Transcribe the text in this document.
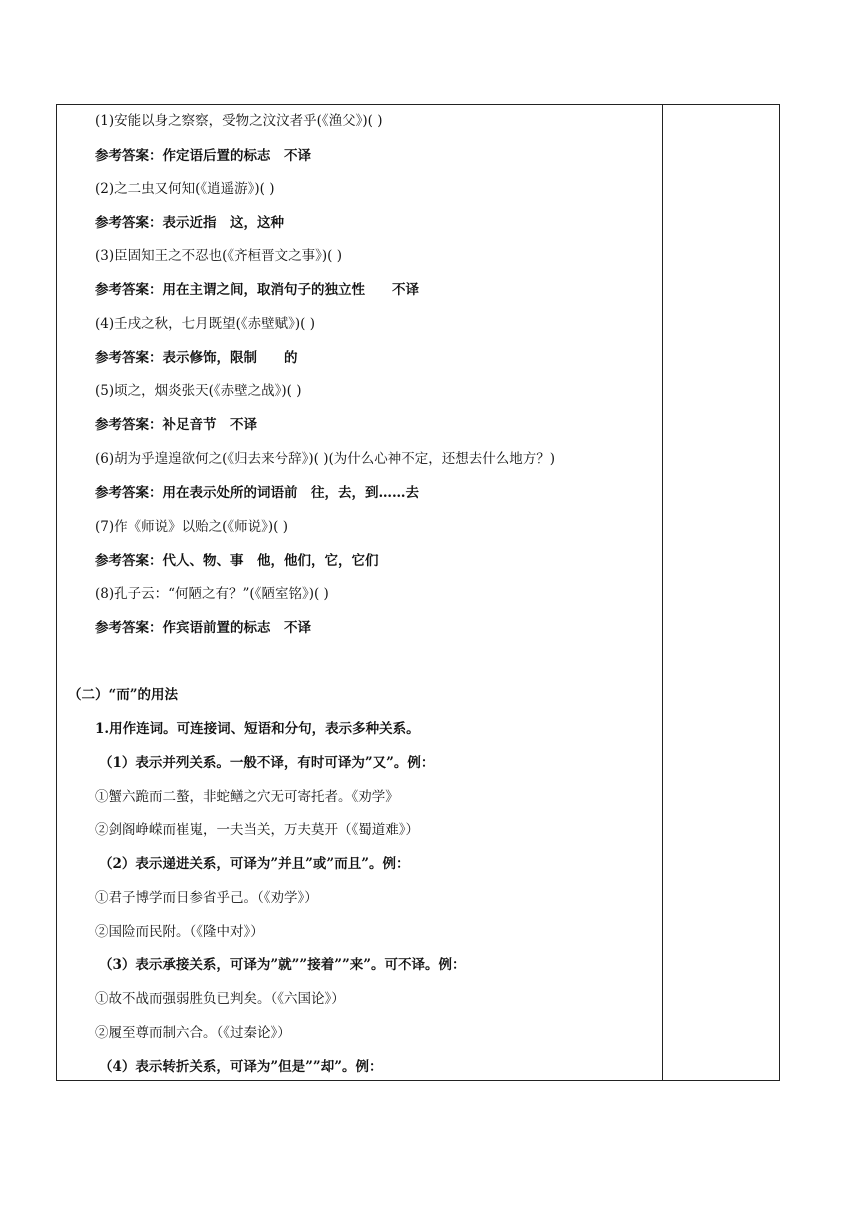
(1)安能以身之察察，受物之汶汶者乎(《渔父》)( )
参考答案：作定语后置的标志　不译
(2)之二虫又何知(《逍遥游》)( )
参考答案：表示近指　这，这种
(3)臣固知王之不忍也(《齐桓晋文之事》)( )
参考答案：用在主谓之间，取消句子的独立性　　不译
(4)壬戌之秋，七月既望(《赤壁赋》)( )
参考答案：表示修饰，限制　　的
(5)顷之，烟炎张天(《赤壁之战》)( )
参考答案：补足音节　不译
(6)胡为乎遑遑欲何之(《归去来兮辞》)( )(为什么心神不定，还想去什么地方？)
参考答案：用在表示处所的词语前　往，去，到……去
(7)作《师说》以贻之(《师说》)( )
参考答案：代人、物、事　他，他们，它，它们
(8)孔子云：“何陋之有？”(《陋室铭》)( )
参考答案：作宾语前置的标志　不译
（二）“而”的用法
1.用作连词。可连接词、短语和分句，表示多种关系。
（1）表示并列关系。一般不译，有时可译为”又”。例：
①蟹六跪而二螯，非蛇鳝之穴无可寄托者。《劝学》
②剑阁峥嵘而崔嵬，一夫当关，万夫莫开（《蜀道难》）
（2）表示递进关系，可译为”并且”或”而且”。例：
①君子博学而日参省乎己。（《劝学》）
②国险而民附。（《隆中对》）
（3）表示承接关系，可译为”就””接着””来”。可不译。例：
①故不战而强弱胜负已判矣。（《六国论》）
②履至尊而制六合。（《过秦论》）
（4）表示转折关系，可译为”但是””却”。例：
